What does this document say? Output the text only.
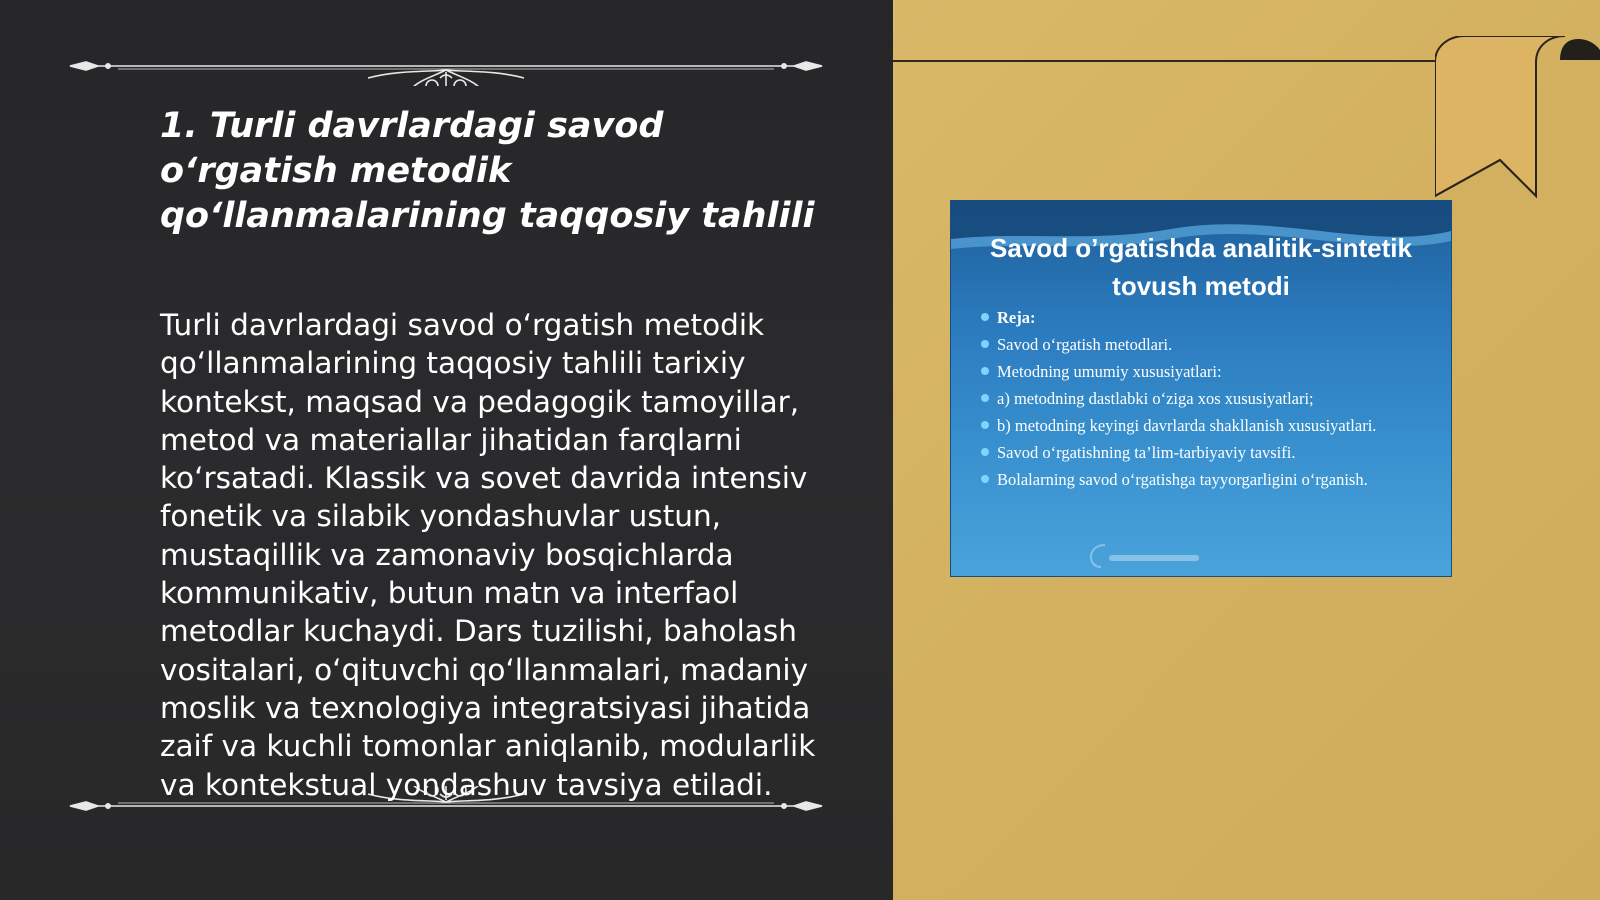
1. Turli davrlardagi savod o‘rgatish metodik qo‘llanmalarining taqqosiy tahlili

Turli davrlardagi savod o‘rgatish metodik qo‘llanmalarining taqqosiy tahlili tarixiy kontekst, maqsad va pedagogik tamoyillar, metod va materiallar jihatidan farqlarni ko‘rsatadi. Klassik va sovet davrida intensiv fonetik va silabik yondashuvlar ustun, mustaqillik va zamonaviy bosqichlarda kommunikativ, butun matn va interfaol metodlar kuchaydi. Dars tuzilishi, baholash vositalari, o‘qituvchi qo‘llanmalari, madaniy moslik va texnologiya integratsiyasi jihatida zaif va kuchli tomonlar aniqlanib, modularlik va kontekstual yondashuv tavsiya etiladi.

Savod o’rgatishda analitik-sintetik tovush metodi

Reja:
Savod o‘rgatish metodlari.
Metodning umumiy xususiyatlari:
a) metodning dastlabki o‘ziga xos xususiyatlari;
b) metodning keyingi davrlarda shakllanish xususiyatlari.
Savod o‘rgatishning ta’lim-tarbiyaviy tavsifi.
Bolalarning savod o‘rgatishga tayyorgarligini o‘rganish.
